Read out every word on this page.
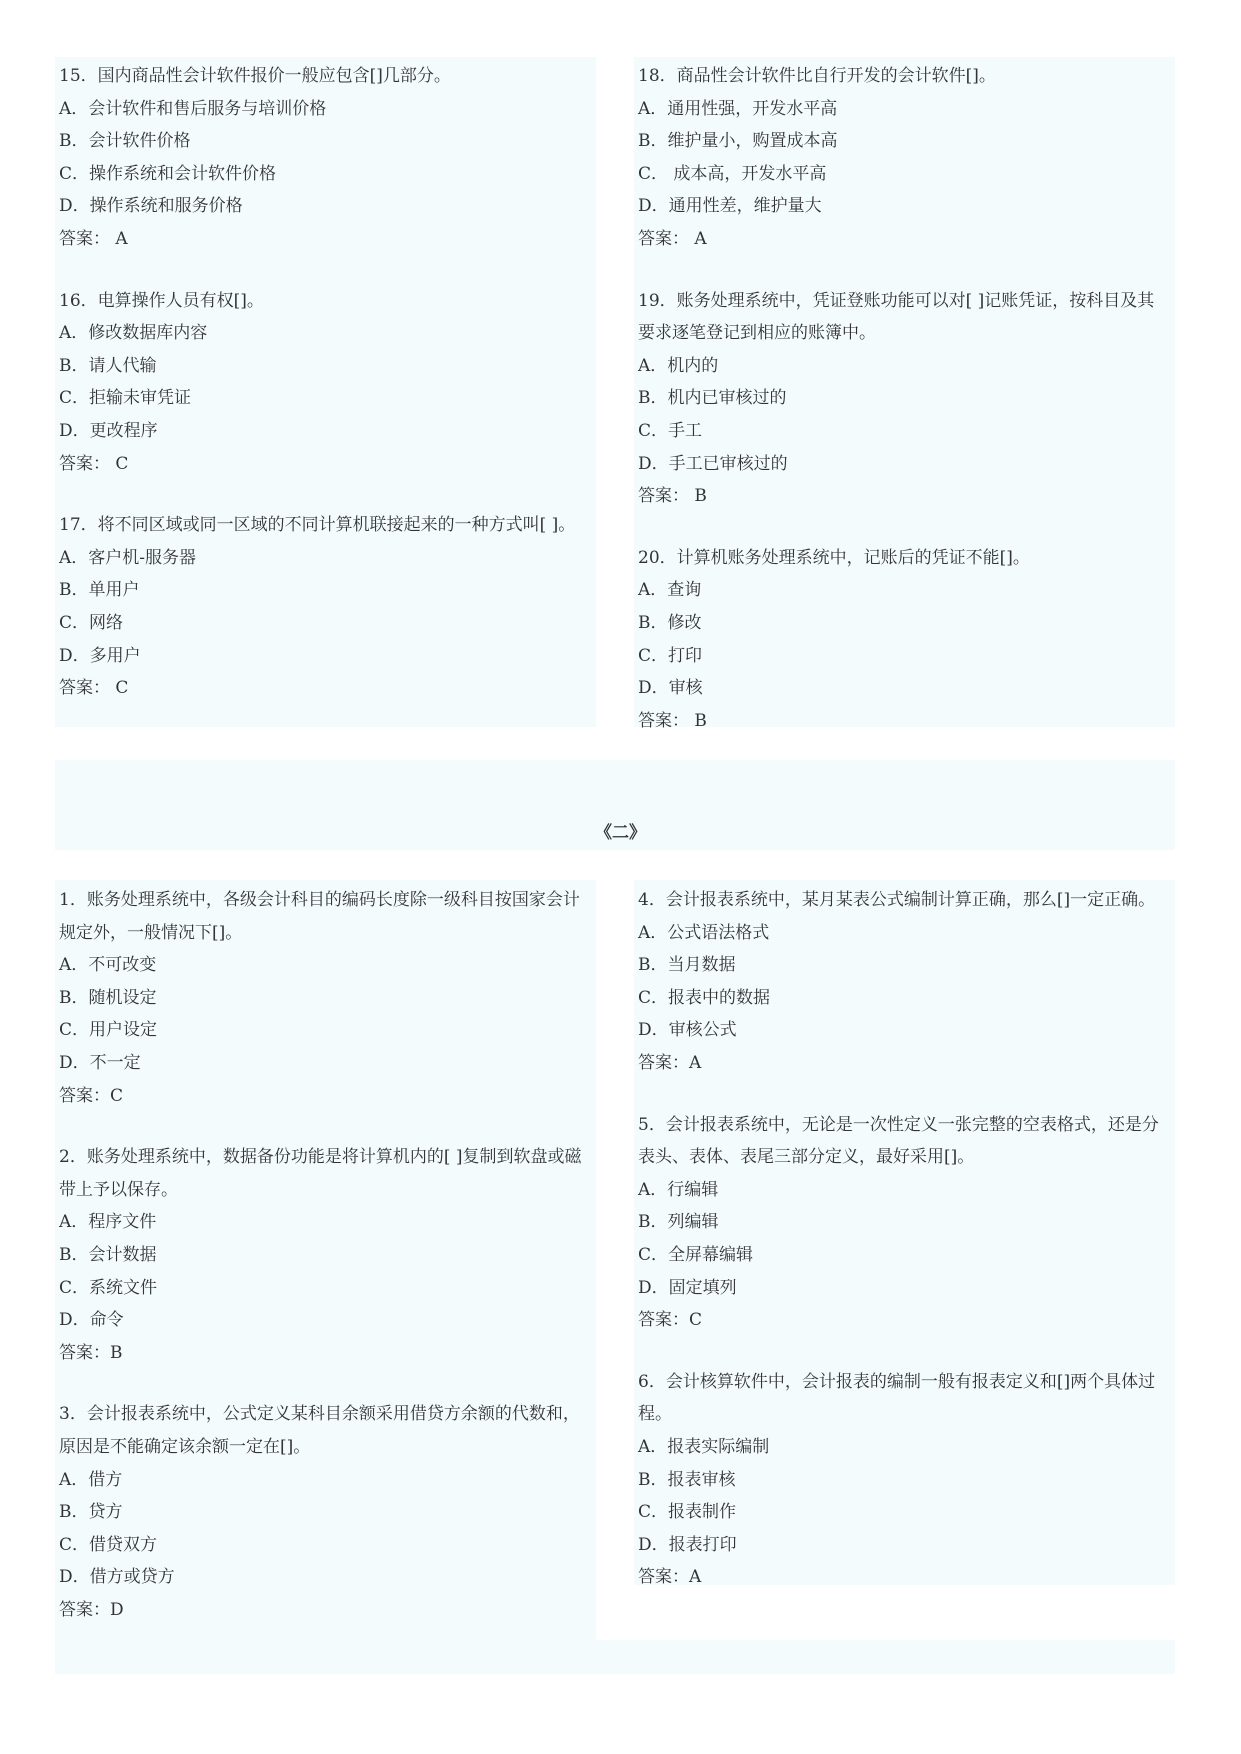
15．国内商品性会计软件报价一般应包含[]几部分。
A．会计软件和售后服务与培训价格
B．会计软件价格
C．操作系统和会计软件价格
D．操作系统和服务价格
答案： A
16．电算操作人员有权[]。
A．修改数据库内容
B．请人代输
C．拒输未审凭证
D．更改程序
答案： C
17．将不同区域或同一区域的不同计算机联接起来的一种方式叫[ ]。
A．客户机-服务器
B．单用户
C．网络
D．多用户
答案： C
18．商品性会计软件比自行开发的会计软件[]。
A．通用性强，开发水平高
B．维护量小，购置成本高
C． 成本高，开发水平高
D．通用性差，维护量大
答案： A
19．账务处理系统中，凭证登账功能可以对[ ]记账凭证，按科目及其
要求逐笔登记到相应的账簿中。
A．机内的
B．机内已审核过的
C．手工
D．手工已审核过的
答案： B
20．计算机账务处理系统中，记账后的凭证不能[]。
A．查询
B．修改
C．打印
D．审核
答案： B
《二》
1．账务处理系统中，各级会计科目的编码长度除一级科目按国家会计
规定外，一般情况下[]。
A．不可改变
B．随机设定
C．用户设定
D．不一定
答案：C
2．账务处理系统中，数据备份功能是将计算机内的[ ]复制到软盘或磁
带上予以保存。
A．程序文件
B．会计数据
C．系统文件
D．命令
答案：B
3．会计报表系统中，公式定义某科目余额采用借贷方余额的代数和，
原因是不能确定该余额一定在[]。
A．借方
B．贷方
C．借贷双方
D．借方或贷方
答案：D
4．会计报表系统中，某月某表公式编制计算正确，那么[]一定正确。
A．公式语法格式
B．当月数据
C．报表中的数据
D．审核公式
答案：A
5．会计报表系统中，无论是一次性定义一张完整的空表格式，还是分
表头、表体、表尾三部分定义，最好采用[]。
A．行编辑
B．列编辑
C．全屏幕编辑
D．固定填列
答案：C
6．会计核算软件中，会计报表的编制一般有报表定义和[]两个具体过
程。
A．报表实际编制
B．报表审核
C．报表制作
D．报表打印
答案：A
